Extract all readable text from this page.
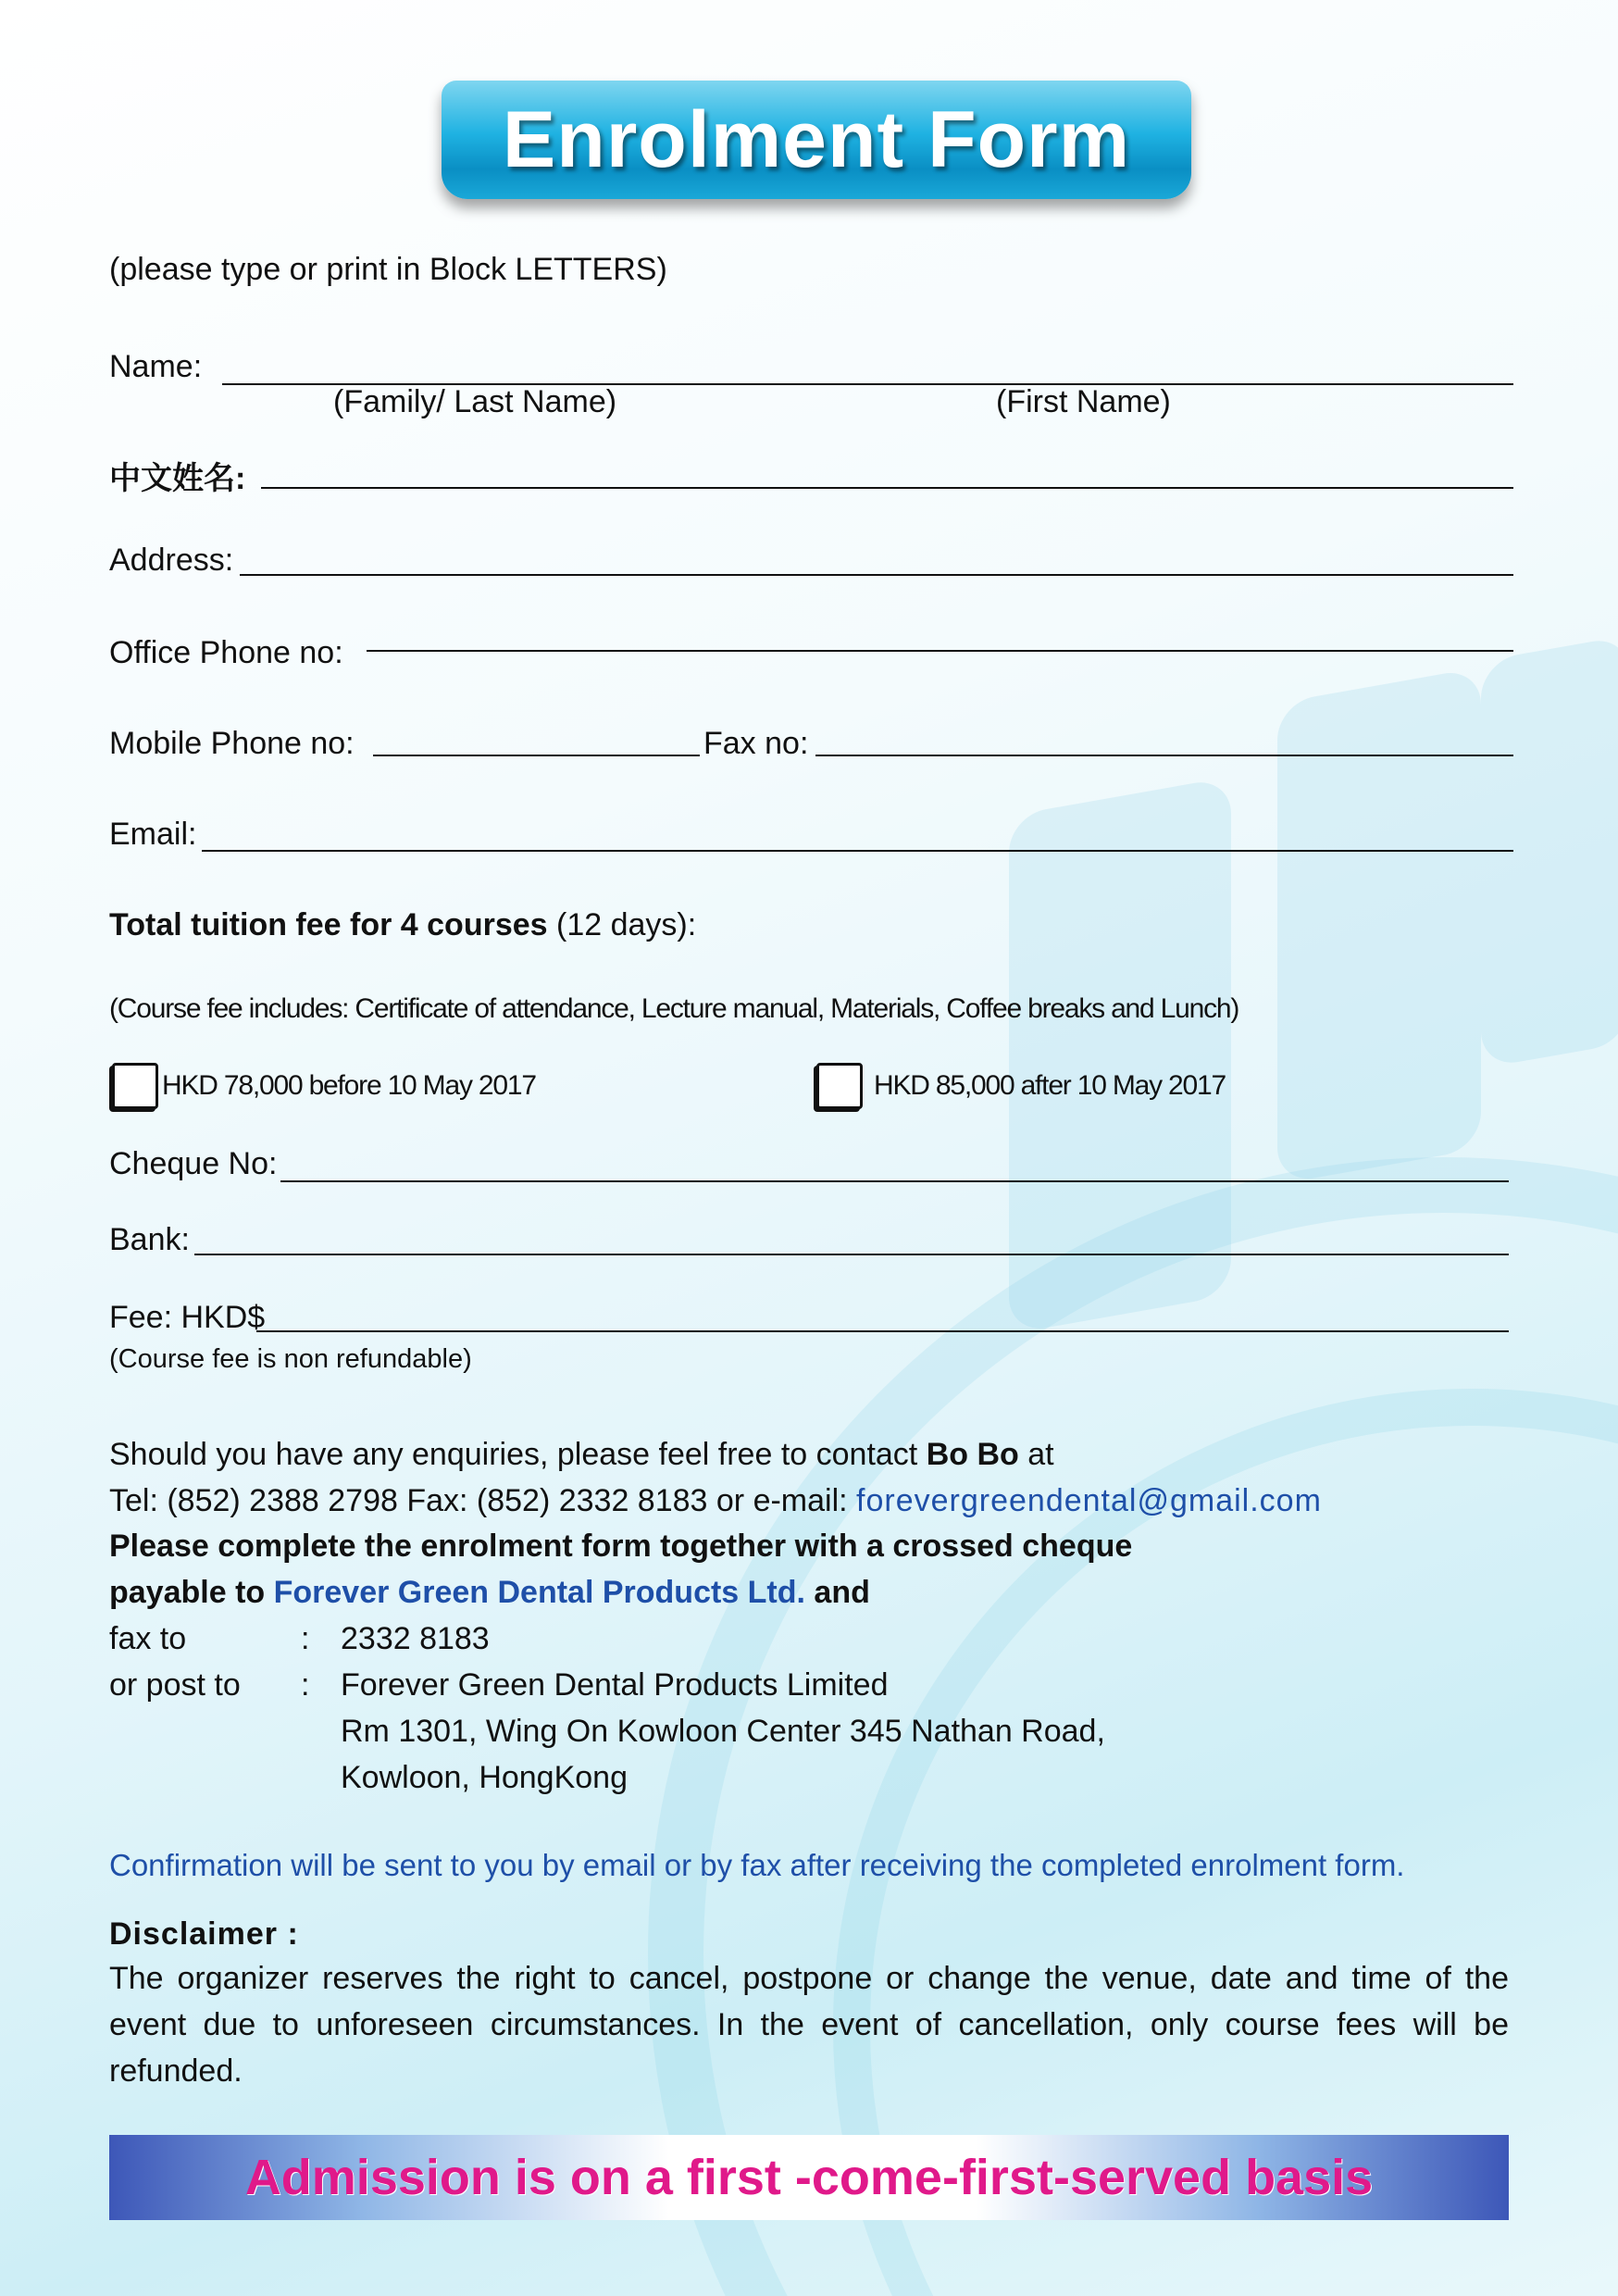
Enrolment Form
(please type or print in Block LETTERS)
Name:
(Family/ Last Name)	(First Name)
中文姓名:
Address:
Office Phone no:
Mobile Phone no:	Fax no:
Email:
Total tuition fee for 4 courses (12 days):
(Course fee includes: Certificate of attendance, Lecture manual, Materials, Coffee breaks and Lunch)
HKD 78,000 before 10 May 2017	HKD 85,000 after 10 May 2017
Cheque No:
Bank:
Fee: HKD$
(Course fee is non refundable)
Should you have any enquiries, please feel free to contact Bo Bo at
Tel: (852) 2388 2798 Fax: (852) 2332 8183 or e-mail: forevergreendental@gmail.com
Please complete the enrolment form together with a crossed cheque
payable to Forever Green Dental Products Ltd. and
fax to	: 2332 8183
or post to : Forever Green Dental Products Limited
Rm 1301, Wing On Kowloon Center 345 Nathan Road,
Kowloon, HongKong
Confirmation will be sent to you by email or by fax after receiving the completed enrolment form.
Disclaimer :
The organizer reserves the right to cancel, postpone or change the venue, date and time of the event due to unforeseen circumstances. In the event of cancellation, only course fees will be refunded.
Admission is on a first -come-first-served basis
